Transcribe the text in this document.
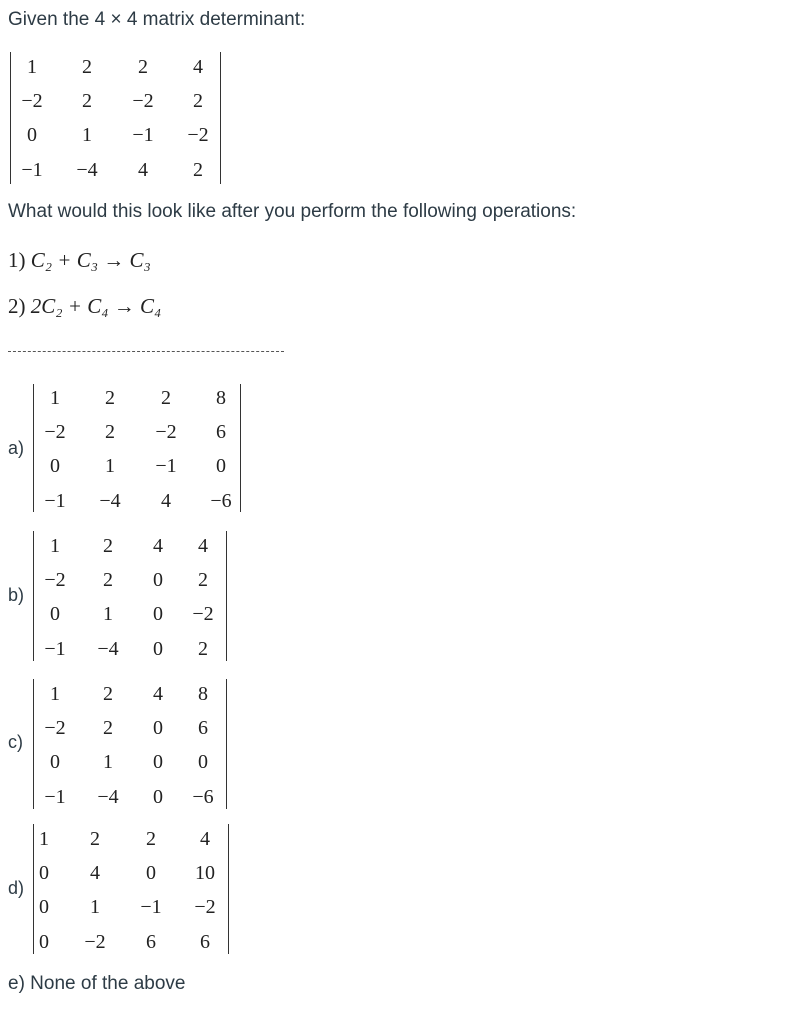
Given the 4 × 4 matrix determinant:
1 2 2 4
−2 2 −2 2
0 1 −1 −2
−1 −4 4 2
What would this look like after you perform the following operations:
1) C₂ + C₃ → C₃
2) 2C₂ + C₄ → C₄
a)
1 2 2 8
−2 2 −2 6
0 1 −1 0
−1 −4 4 −6
b)
1 2 4 4
−2 2 0 2
0 1 0 −2
−1 −4 0 2
c)
1 2 4 8
−2 2 0 6
0 1 0 0
−1 −4 0 −6
d)
1 2 2 4
0 4 0 10
0 1 −1 −2
0 −2 6 6
e) None of the above
